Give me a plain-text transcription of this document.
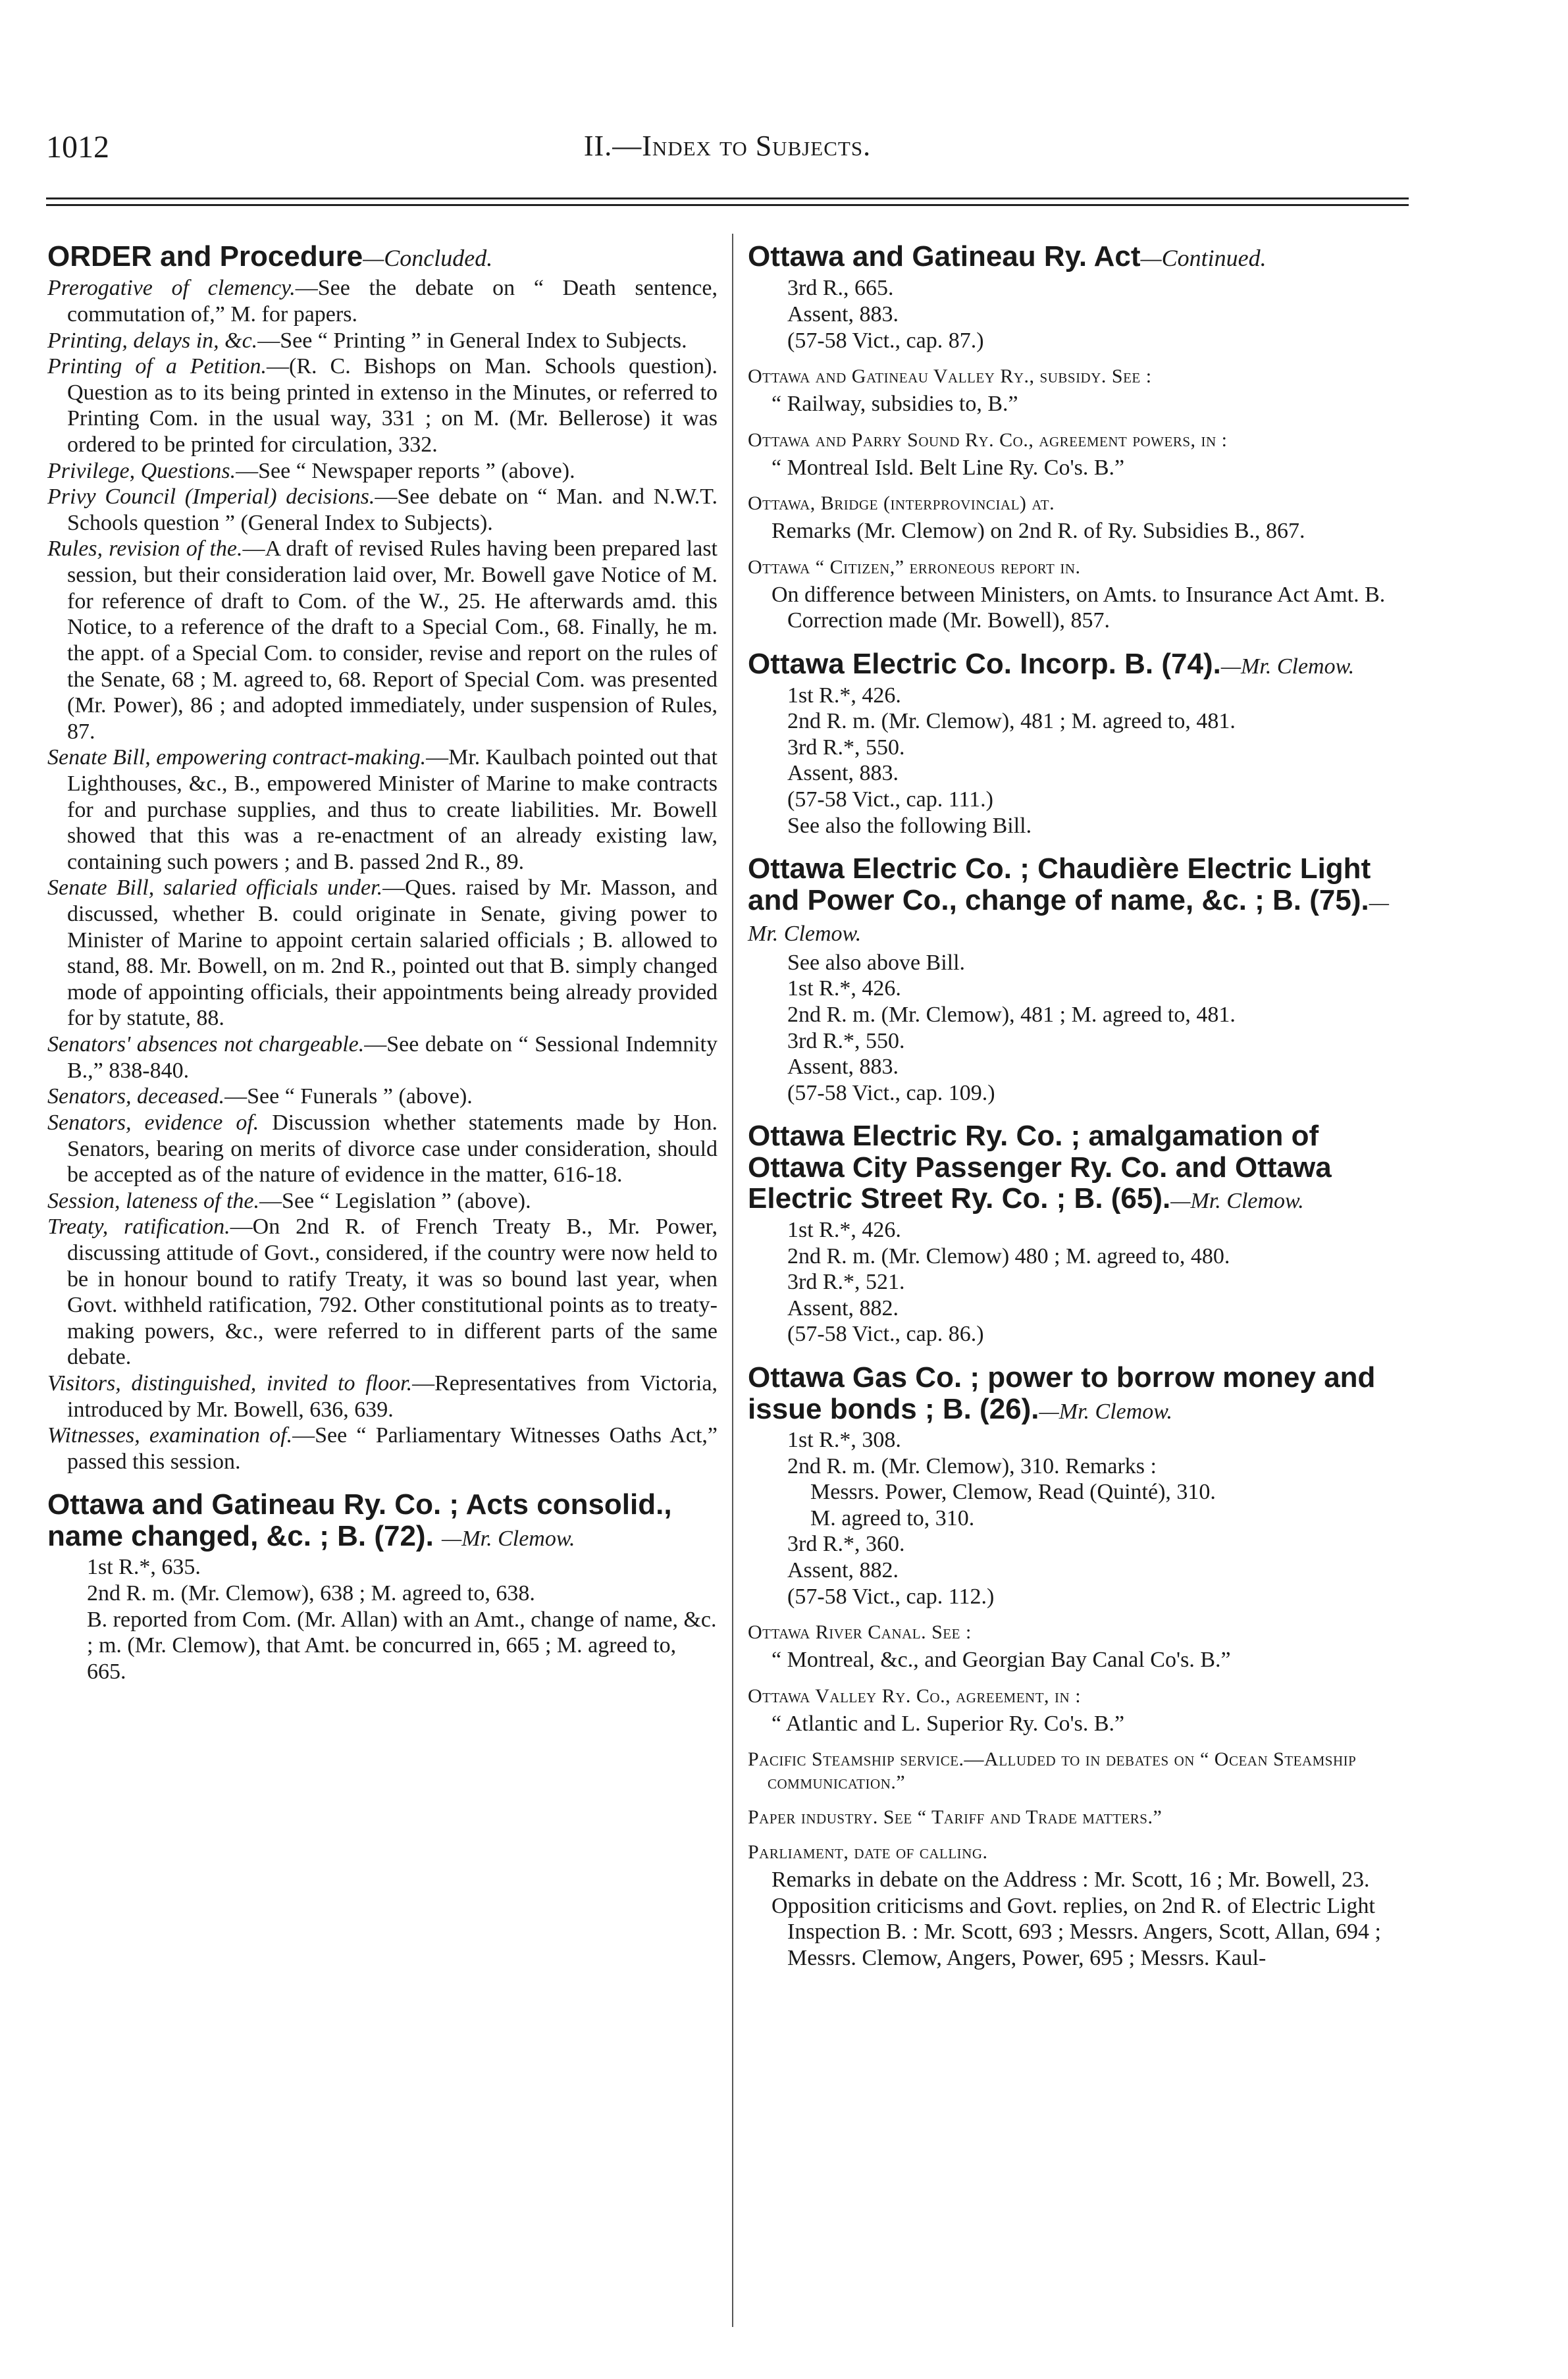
1012	II.—Index to Subjects.
ORDER and Procedure—Concluded.

Prerogative of clemency.—See the debate on “ Death sentence, commutation of,” M. for papers.

Printing, delays in, &c.—See “ Printing ” in General Index to Subjects.

Printing of a Petition.—(R. C. Bishops on Man. Schools question). Question as to its being printed in extenso in the Minutes, or referred to Printing Com. in the usual way, 331 ; on M. (Mr. Bellerose) it was ordered to be printed for circulation, 332.

Privilege, Questions.—See “ Newspaper reports ” (above).

Privy Council (Imperial) decisions.—See debate on “ Man. and N.W.T. Schools question ” (General Index to Subjects).

Rules, revision of the.—A draft of revised Rules having been prepared last session, but their consideration laid over, Mr. Bowell gave Notice of M. for reference of draft to Com. of the W., 25. He afterwards amd. this Notice, to a reference of the draft to a Special Com., 68. Finally, he m. the appt. of a Special Com. to consider, revise and report on the rules of the Senate, 68 ; M. agreed to, 68. Report of Special Com. was presented (Mr. Power), 86 ; and adopted immediately, under suspension of Rules, 87.

Senate Bill, empowering contract-making.—Mr. Kaulbach pointed out that Lighthouses, &c., B., empowered Minister of Marine to make contracts for and purchase supplies, and thus to create liabilities. Mr. Bowell showed that this was a re-enactment of an already existing law, containing such powers ; and B. passed 2nd R., 89.

Senate Bill, salaried officials under.—Ques. raised by Mr. Masson, and discussed, whether B. could originate in Senate, giving power to Minister of Marine to appoint certain salaried officials ; B. allowed to stand, 88. Mr. Bowell, on m. 2nd R., pointed out that B. simply changed mode of appointing officials, their appointments being already provided for by statute, 88.

Senators' absences not chargeable.—See debate on “ Sessional Indemnity B.,” 838-840.

Senators, deceased.—See “ Funerals ” (above).

Senators, evidence of. Discussion whether statements made by Hon. Senators, bearing on merits of divorce case under consideration, should be accepted as of the nature of evidence in the matter, 616-18.

Session, lateness of the.—See “ Legislation ” (above).

Treaty, ratification.—On 2nd R. of French Treaty B., Mr. Power, discussing attitude of Govt., considered, if the country were now held to be in honour bound to ratify Treaty, it was so bound last year, when Govt. withheld ratification, 792. Other constitutional points as to treaty-making powers, &c., were referred to in different parts of the same debate.

Visitors, distinguished, invited to floor.—Representatives from Victoria, introduced by Mr. Bowell, 636, 639.

Witnesses, examination of.—See “ Parliamentary Witnesses Oaths Act,” passed this session.

Ottawa and Gatineau Ry. Co. ; Acts consolid., name changed, &c. ; B. (72). —Mr. Clemow.

1st R.*, 635.

2nd R. m. (Mr. Clemow), 638 ; M. agreed to, 638.

B. reported from Com. (Mr. Allan) with an Amt., change of name, &c. ; m. (Mr. Clemow), that Amt. be concurred in, 665 ; M. agreed to, 665.

Ottawa and Gatineau Ry. Act—Continued.

3rd R., 665.

Assent, 883.

(57-58 Vict., cap. 87.)

Ottawa and Gatineau Valley Ry., subsidy. See :

“ Railway, subsidies to, B.”

Ottawa and Parry Sound Ry. Co., agreement powers, in :

“ Montreal Isld. Belt Line Ry. Co's. B.”

Ottawa, Bridge (interprovincial) at.

Remarks (Mr. Clemow) on 2nd R. of Ry. Subsidies B., 867.

Ottawa “ Citizen,” erroneous report in.

On difference between Ministers, on Amts. to Insurance Act Amt. B. Correction made (Mr. Bowell), 857.

Ottawa Electric Co. Incorp. B. (74).—Mr. Clemow.

1st R.*, 426.

2nd R. m. (Mr. Clemow), 481 ; M. agreed to, 481.

3rd R.*, 550.

Assent, 883.

(57-58 Vict., cap. 111.)

See also the following Bill.

Ottawa Electric Co. ; Chaudière Electric Light and Power Co., change of name, &c. ; B. (75).—Mr. Clemow.

See also above Bill.

1st R.*, 426.

2nd R. m. (Mr. Clemow), 481 ; M. agreed to, 481.

3rd R.*, 550.

Assent, 883.

(57-58 Vict., cap. 109.)

Ottawa Electric Ry. Co. ; amalgamation of Ottawa City Passenger Ry. Co. and Ottawa Electric Street Ry. Co. ; B. (65).—Mr. Clemow.

1st R.*, 426.

2nd R. m. (Mr. Clemow) 480 ; M. agreed to, 480.

3rd R.*, 521.

Assent, 882.

(57-58 Vict., cap. 86.)

Ottawa Gas Co. ; power to borrow money and issue bonds ; B. (26).—Mr. Clemow.

1st R.*, 308.

2nd R. m. (Mr. Clemow), 310. Remarks :

Messrs. Power, Clemow, Read (Quinté), 310.

M. agreed to, 310.

3rd R.*, 360.

Assent, 882.

(57-58 Vict., cap. 112.)

Ottawa River Canal. See :

“ Montreal, &c., and Georgian Bay Canal Co's. B.”

Ottawa Valley Ry. Co., agreement, in :

“ Atlantic and L. Superior Ry. Co's. B.”

Pacific Steamship service.—Alluded to in debates on “ Ocean Steamship communication.”

Paper industry. See “ Tariff and Trade matters.”

Parliament, date of calling.

Remarks in debate on the Address : Mr. Scott, 16 ; Mr. Bowell, 23.

Opposition criticisms and Govt. replies, on 2nd R. of Electric Light Inspection B. : Mr. Scott, 693 ; Messrs. Angers, Scott, Allan, 694 ; Messrs. Clemow, Angers, Power, 695 ; Messrs. Kaul-
